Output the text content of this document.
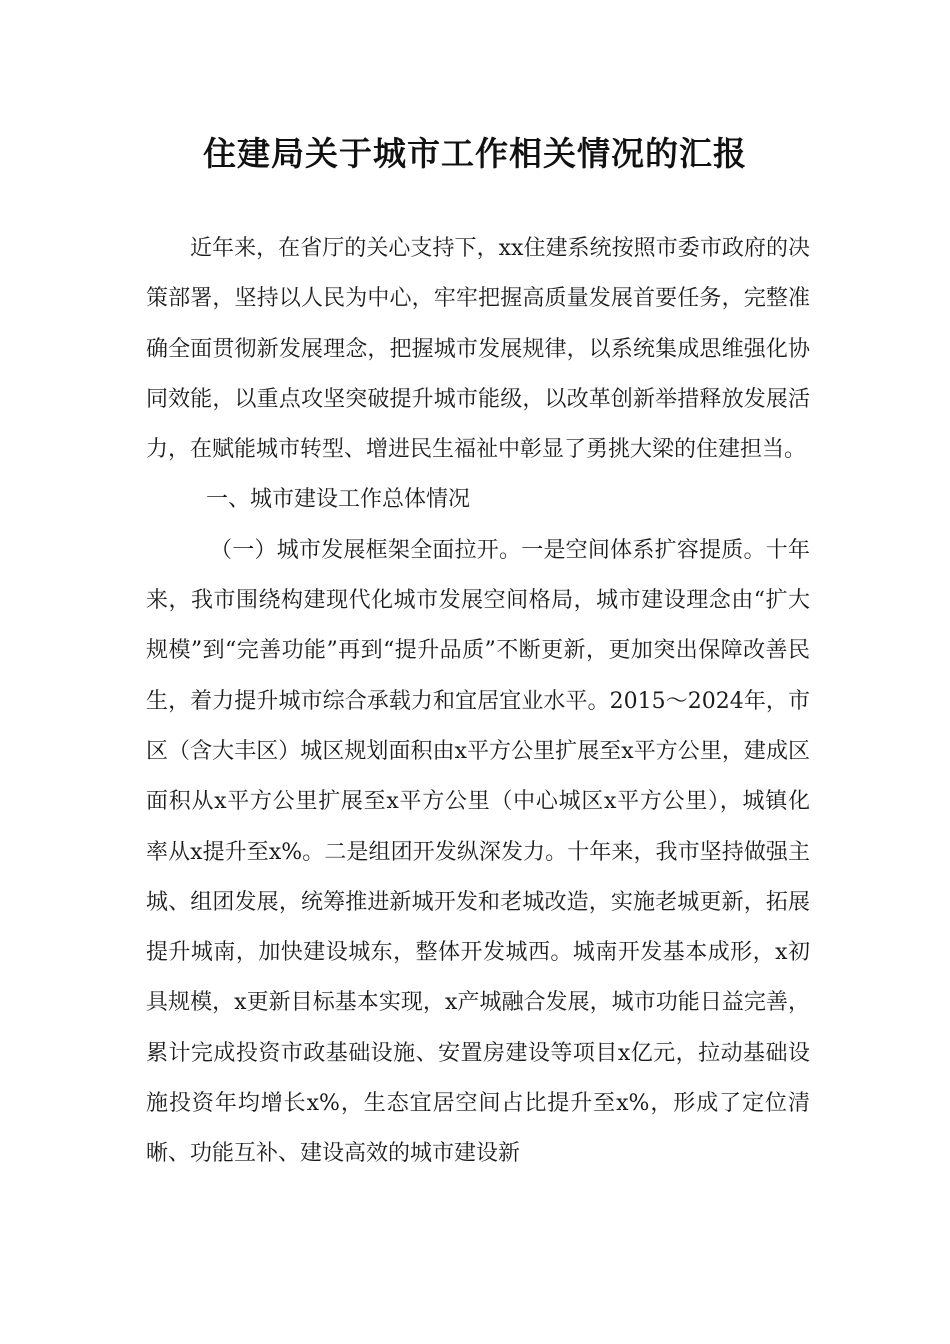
住建局关于城市工作相关情况的汇报

近年来，在省厅的关心支持下，xx住建系统按照市委市政府的决策部署，坚持以人民为中心，牢牢把握高质量发展首要任务，完整准确全面贯彻新发展理念，把握城市发展规律，以系统集成思维强化协同效能，以重点攻坚突破提升城市能级，以改革创新举措释放发展活力，在赋能城市转型、增进民生福祉中彰显了勇挑大梁的住建担当。

一、城市建设工作总体情况

（一）城市发展框架全面拉开。一是空间体系扩容提质。十年来，我市围绕构建现代化城市发展空间格局，城市建设理念由“扩大规模”到“完善功能”再到“提升品质”不断更新，更加突出保障改善民生，着力提升城市综合承载力和宜居宜业水平。2015～2024年，市区（含大丰区）城区规划面积由x平方公里扩展至x平方公里，建成区面积从x平方公里扩展至x平方公里（中心城区x平方公里），城镇化率从x提升至x%。二是组团开发纵深发力。十年来，我市坚持做强主城、组团发展，统筹推进新城开发和老城改造，实施老城更新，拓展提升城南，加快建设城东，整体开发城西。城南开发基本成形，x初具规模，x更新目标基本实现，x产城融合发展，城市功能日益完善，累计完成投资市政基础设施、安置房建设等项目x亿元，拉动基础设施投资年均增长x%，生态宜居空间占比提升至x%，形成了定位清晰、功能互补、建设高效的城市建设新
